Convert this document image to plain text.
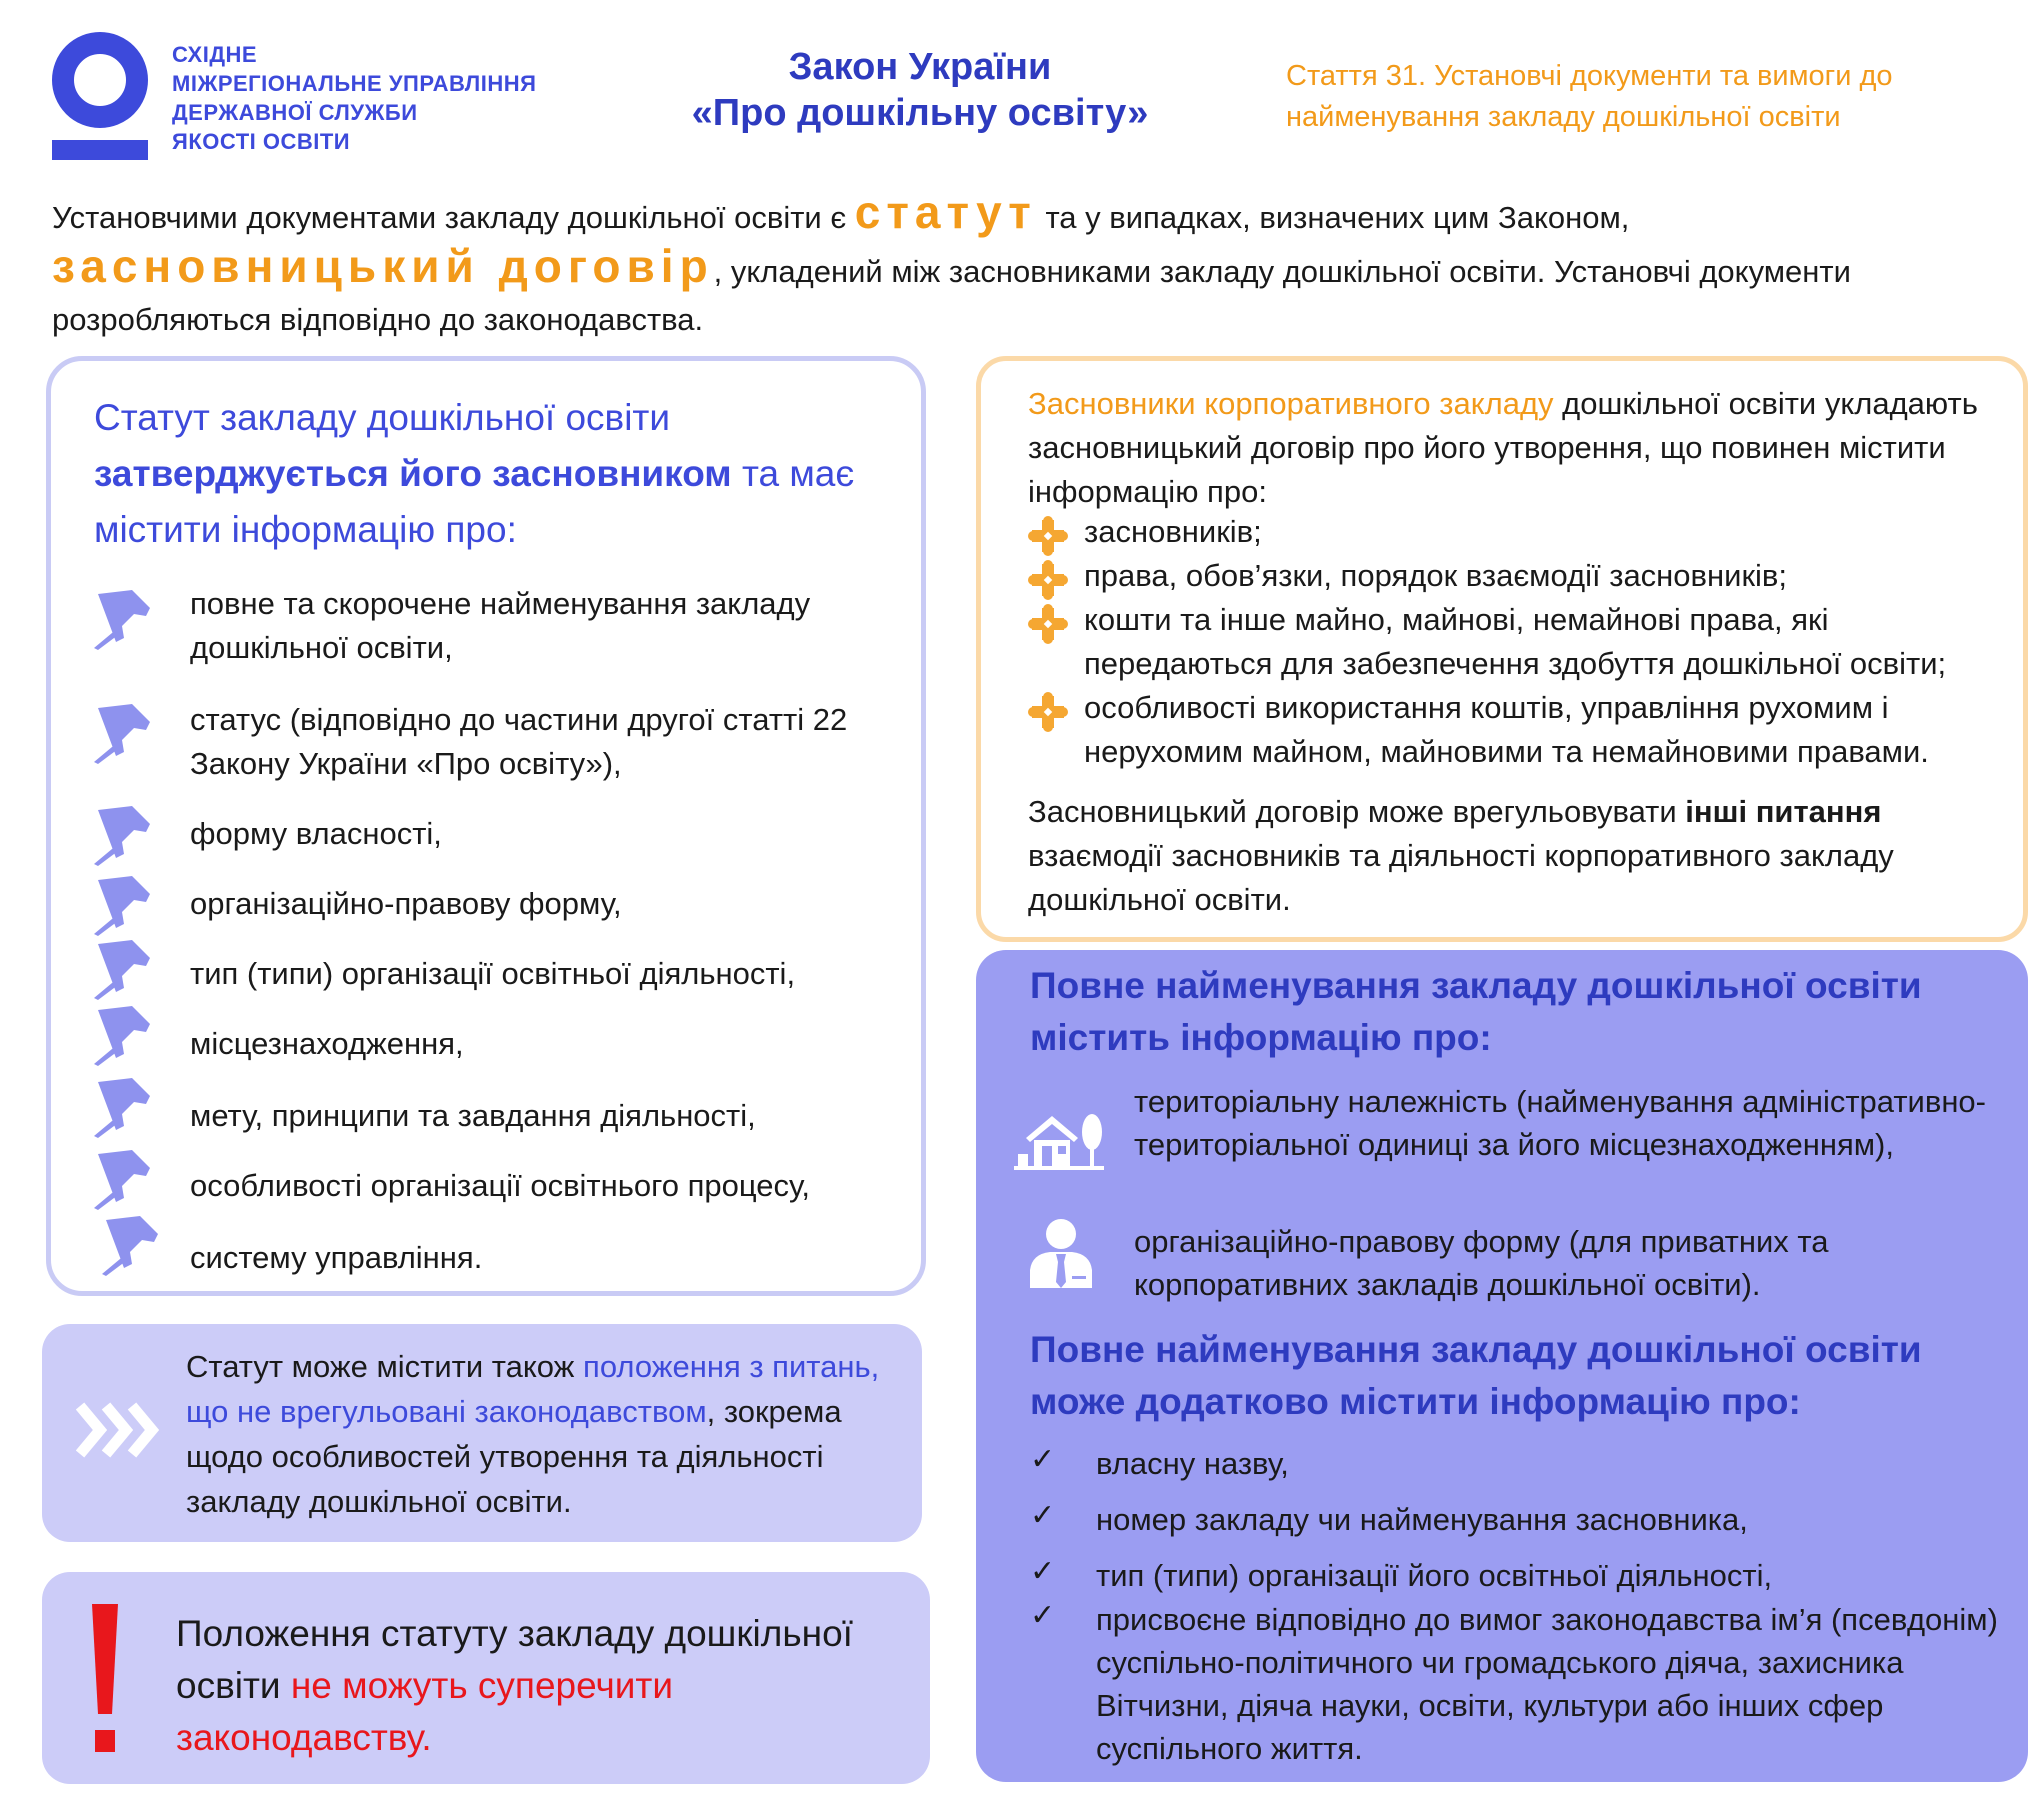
СХІДНЕ
МІЖРЕГІОНАЛЬНЕ УПРАВЛІННЯ
ДЕРЖАВНОЇ СЛУЖБИ
ЯКОСТІ ОСВІТИ
Закон України
«Про дошкільну освіту»
Стаття 31. Установчі документи та вимоги до найменування закладу дошкільної освіти
Установчими документами закладу дошкільної освіти є статут та у випадках, визначених цим Законом, засновницький договір, укладений між засновниками закладу дошкільної освіти. Установчі документи розробляються відповідно до законодавства.
Статут закладу дошкільної освіти затверджується його засновником та має містити інформацію про:
повне та скорочене найменування закладу дошкільної освіти,
статус (відповідно до частини другої статті 22 Закону України «Про освіту»),
форму власності,
організаційно-правову форму,
тип (типи) організації освітньої діяльності,
місцезнаходження,
мету, принципи та завдання діяльності,
особливості організації освітнього процесу,
систему управління.
Статут може містити також положення з питань, що не врегульовані законодавством, зокрема щодо особливостей утворення та діяльності закладу дошкільної освіти.
Положення статуту закладу дошкільної освіти не можуть суперечити законодавству.
Засновники корпоративного закладу дошкільної освіти укладають засновницький договір про його утворення, що повинен містити інформацію про:
засновників;
права, обов’язки, порядок взаємодії засновників;
кошти та інше майно, майнові, немайнові права, які передаються для забезпечення здобуття дошкільної освіти;
особливості використання коштів, управління рухомим і нерухомим майном, майновими та немайновими правами.
Засновницький договір може врегульовувати інші питання взаємодії засновників та діяльності корпоративного закладу дошкільної освіти.
Повне найменування закладу дошкільної освіти містить інформацію про:
територіальну належність (найменування адміністративно-територіальної одиниці за його місцезнаходженням),
організаційно-правову форму (для приватних та корпоративних закладів дошкільної освіти).
Повне найменування закладу дошкільної освіти може додатково містити інформацію про:
✓ власну назву,
✓ номер закладу чи найменування засновника,
✓ тип (типи) організації його освітньої діяльності,
✓ присвоєне відповідно до вимог законодавства ім’я (псевдонім) суспільно-політичного чи громадського діяча, захисника Вітчизни, діяча науки, освіти, культури або інших сфер суспільного життя.
